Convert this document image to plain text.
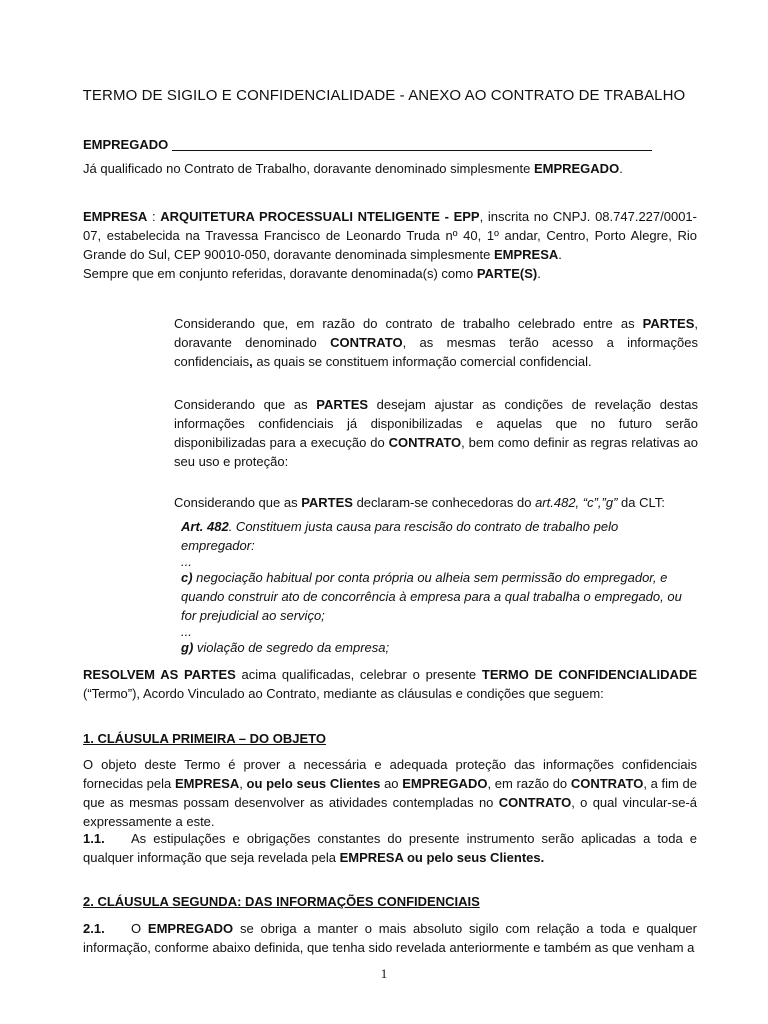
TERMO DE SIGILO E CONFIDENCIALIDADE - ANEXO AO CONTRATO DE TRABALHO
EMPREGADO
Já qualificado no Contrato de Trabalho, doravante denominado simplesmente EMPREGADO.
EMPRESA : ARQUITETURA PROCESSUALI NTELIGENTE - EPP, inscrita no CNPJ. 08.747.227/0001-07, estabelecida na Travessa Francisco de Leonardo Truda nº 40, 1º andar, Centro, Porto Alegre, Rio Grande do Sul, CEP 90010-050, doravante denominada simplesmente EMPRESA.
Sempre que em conjunto referidas, doravante denominada(s) como PARTE(S).
Considerando que, em razão do contrato de trabalho celebrado entre as PARTES, doravante denominado CONTRATO, as mesmas terão acesso a informações confidenciais, as quais se constituem informação comercial confidencial.
Considerando que as PARTES desejam ajustar as condições de revelação destas informações confidenciais já disponibilizadas e aquelas que no futuro serão disponibilizadas para a execução do CONTRATO, bem como definir as regras relativas ao seu uso e proteção:
Considerando que as PARTES declaram-se conhecedoras do art.482, “c”,”g” da CLT:
Art. 482. Constituem justa causa para rescisão do contrato de trabalho pelo empregador:
...
c) negociação habitual por conta própria ou alheia sem permissão do empregador, e quando construir ato de concorrência à empresa para a qual trabalha o empregado, ou for prejudicial ao serviço;
...
g) violação de segredo da empresa;
RESOLVEM AS PARTES acima qualificadas, celebrar o presente TERMO DE CONFIDENCIALIDADE (“Termo”), Acordo Vinculado ao Contrato, mediante as cláusulas e condições que seguem:
1. CLÁUSULA PRIMEIRA – DO OBJETO
O objeto deste Termo é prover a necessária e adequada proteção das informações confidenciais fornecidas pela EMPRESA, ou pelo seus Clientes ao EMPREGADO, em razão do CONTRATO, a fim de que as mesmas possam desenvolver as atividades contempladas no CONTRATO, o qual vincular-se-á expressamente a este.
1.1. As estipulações e obrigações constantes do presente instrumento serão aplicadas a toda e qualquer informação que seja revelada pela EMPRESA ou pelo seus Clientes.
2. CLÁUSULA SEGUNDA: DAS INFORMAÇÕES CONFIDENCIAIS
2.1. O EMPREGADO se obriga a manter o mais absoluto sigilo com relação a toda e qualquer informação, conforme abaixo definida, que tenha sido revelada anteriormente e também as que venham a
1
